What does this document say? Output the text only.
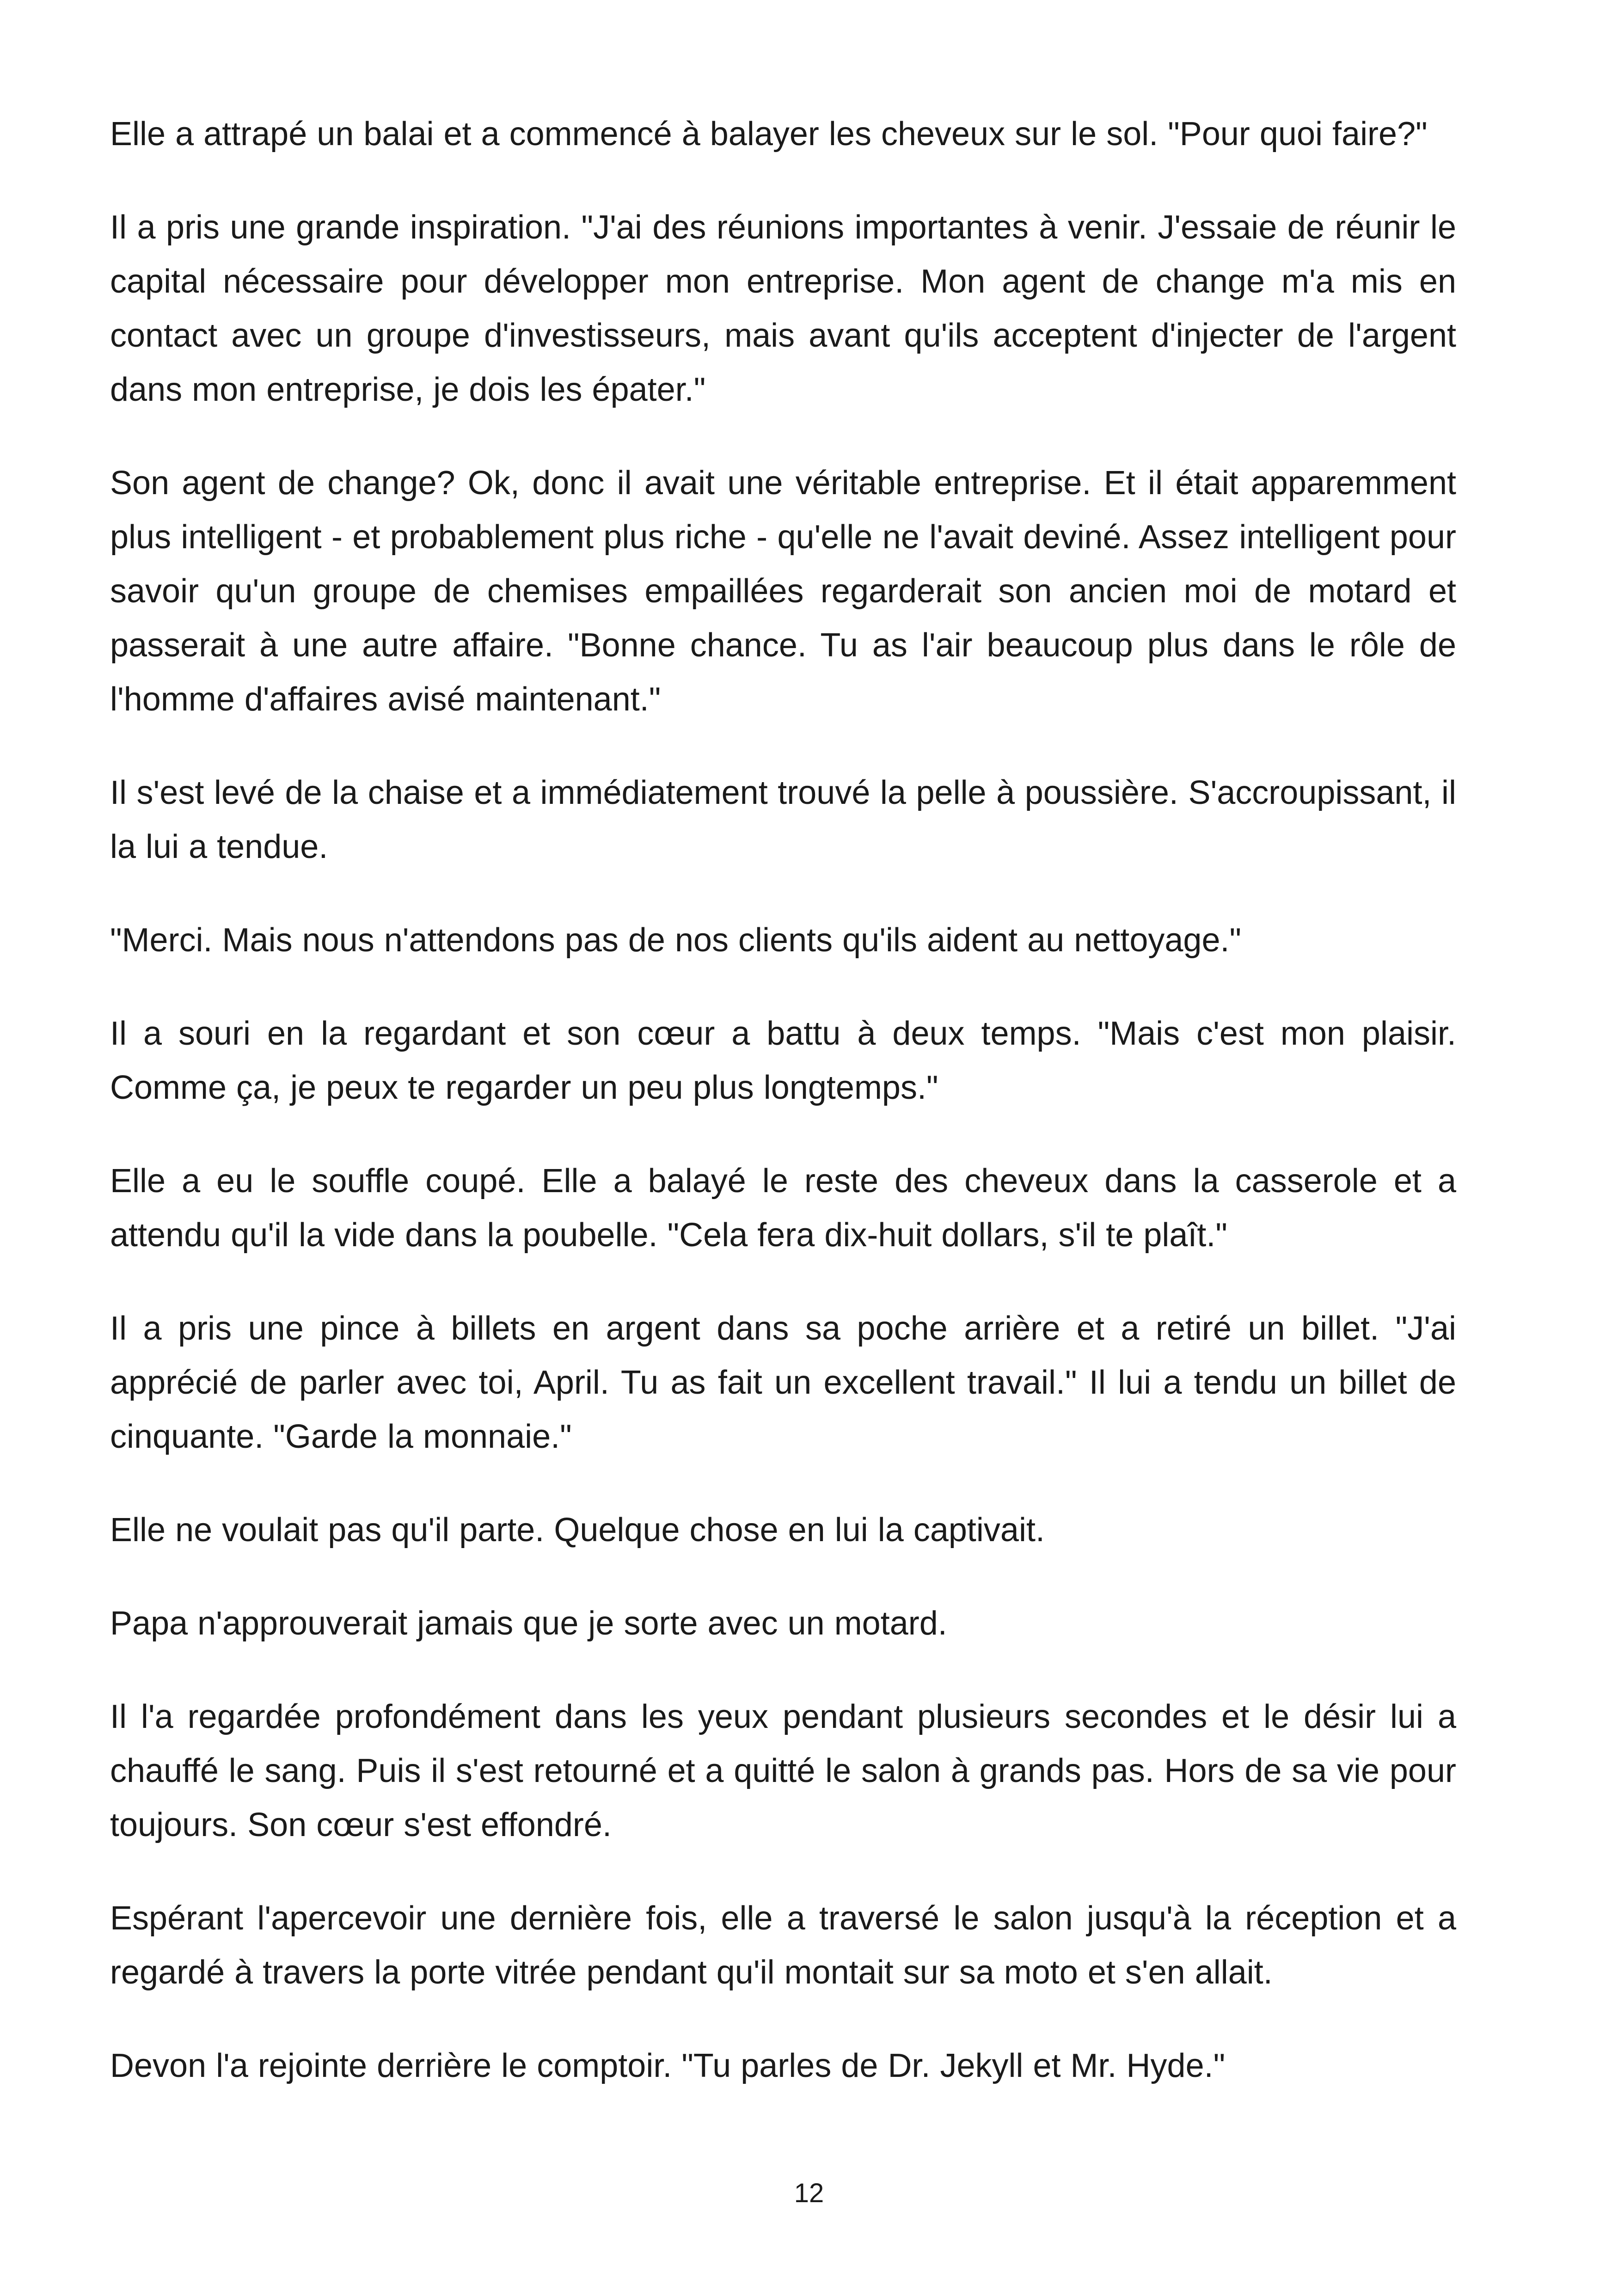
Elle a attrapé un balai et a commencé à balayer les cheveux sur le sol. "Pour quoi faire?"

Il a pris une grande inspiration. "J'ai des réunions importantes à venir. J'essaie de réunir le capital nécessaire pour développer mon entreprise. Mon agent de change m'a mis en contact avec un groupe d'investisseurs, mais avant qu'ils acceptent d'injecter de l'argent dans mon entreprise, je dois les épater."

Son agent de change? Ok, donc il avait une véritable entreprise. Et il était apparemment plus intelligent - et probablement plus riche - qu'elle ne l'avait deviné. Assez intelligent pour savoir qu'un groupe de chemises empaillées regarderait son ancien moi de motard et passerait à une autre affaire. "Bonne chance. Tu as l'air beaucoup plus dans le rôle de l'homme d'affaires avisé maintenant."

Il s'est levé de la chaise et a immédiatement trouvé la pelle à poussière. S'accroupissant, il la lui a tendue.

"Merci. Mais nous n'attendons pas de nos clients qu'ils aident au nettoyage."

Il a souri en la regardant et son cœur a battu à deux temps. "Mais c'est mon plaisir. Comme ça, je peux te regarder un peu plus longtemps."

Elle a eu le souffle coupé. Elle a balayé le reste des cheveux dans la casserole et a attendu qu'il la vide dans la poubelle. "Cela fera dix-huit dollars, s'il te plaît."

Il a pris une pince à billets en argent dans sa poche arrière et a retiré un billet. "J'ai apprécié de parler avec toi, April. Tu as fait un excellent travail." Il lui a tendu un billet de cinquante. "Garde la monnaie."

Elle ne voulait pas qu'il parte. Quelque chose en lui la captivait.

Papa n'approuverait jamais que je sorte avec un motard.

Il l'a regardée profondément dans les yeux pendant plusieurs secondes et le désir lui a chauffé le sang. Puis il s'est retourné et a quitté le salon à grands pas. Hors de sa vie pour toujours. Son cœur s'est effondré.

Espérant l'apercevoir une dernière fois, elle a traversé le salon jusqu'à la réception et a regardé à travers la porte vitrée pendant qu'il montait sur sa moto et s'en allait.

Devon l'a rejointe derrière le comptoir. "Tu parles de Dr. Jekyll et Mr. Hyde."

12
